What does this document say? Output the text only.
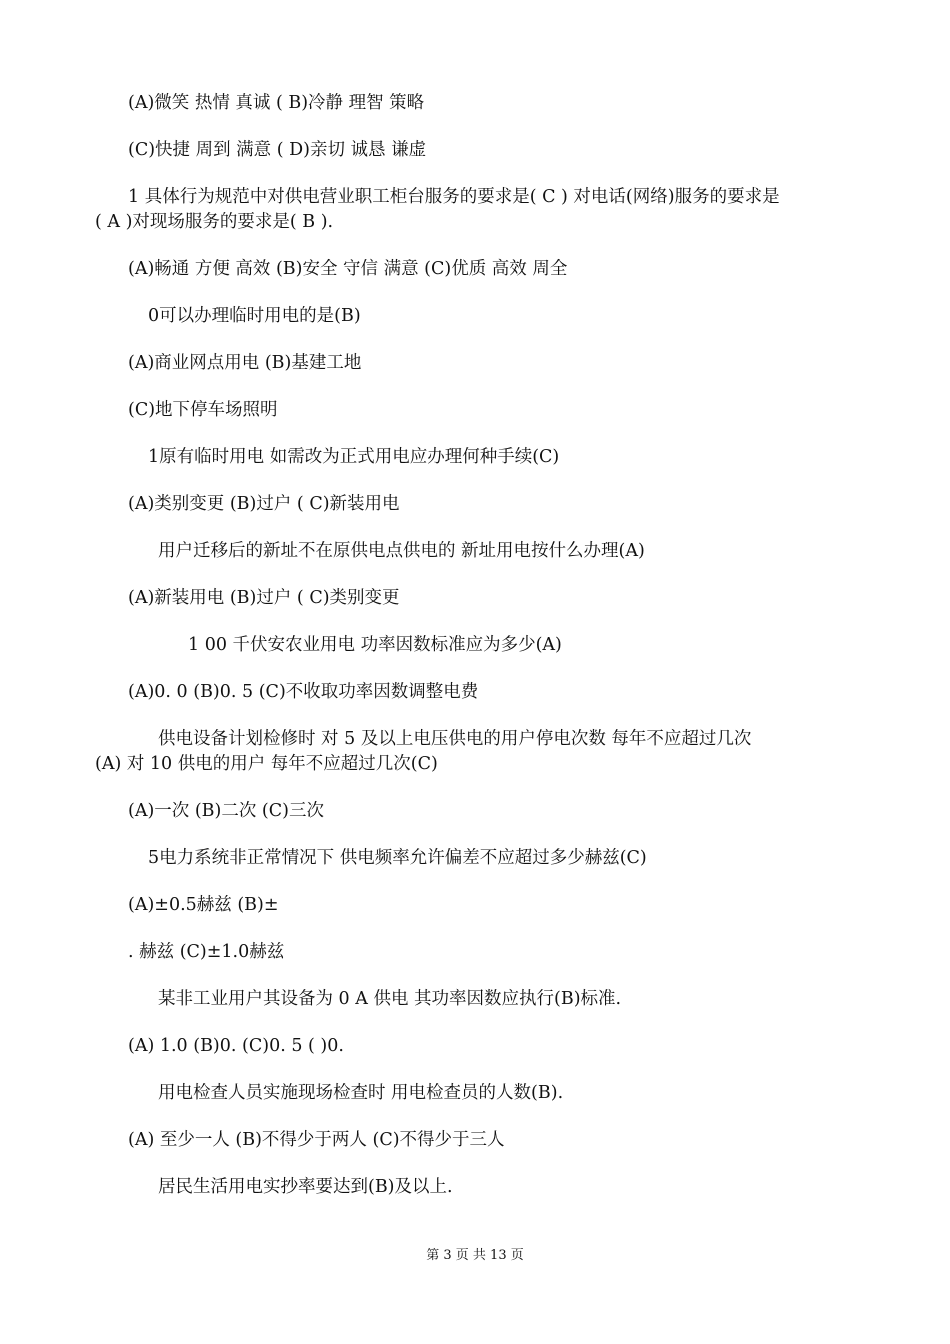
(A)微笑 热情 真诚 ( B)冷静 理智 策略
(C)快捷 周到 满意 ( D)亲切 诚恳 谦虚
1 具体行为规范中对供电营业职工柜台服务的要求是( C ) 对电话(网络)服务的要求是
( A )对现场服务的要求是( B ).
(A)畅通 方便 高效 (B)安全 守信 满意 (C)优质 高效 周全
0可以办理临时用电的是(B)
(A)商业网点用电 (B)基建工地
(C)地下停车场照明
1原有临时用电 如需改为正式用电应办理何种手续(C)
(A)类别变更 (B)过户 ( C)新装用电
用户迁移后的新址不在原供电点供电的 新址用电按什么办理(A)
(A)新装用电 (B)过户 ( C)类别变更
1 00 千伏安农业用电 功率因数标准应为多少(A)
(A)0. 0 (B)0. 5 (C)不收取功率因数调整电费
供电设备计划检修时 对 5 及以上电压供电的用户停电次数 每年不应超过几次
(A) 对 10 供电的用户 每年不应超过几次(C)
(A)一次 (B)二次 (C)三次
5电力系统非正常情况下 供电频率允许偏差不应超过多少赫兹(C)
(A)±0.5赫兹 (B)±
. 赫兹 (C)±1.0赫兹
某非工业用户其设备为 0 A 供电 其功率因数应执行(B)标准.
(A) 1.0 (B)0. (C)0. 5 ( )0.
用电检查人员实施现场检查时 用电检查员的人数(B).
(A) 至少一人 (B)不得少于两人 (C)不得少于三人
居民生活用电实抄率要达到(B)及以上.
第 3 页 共 13 页
